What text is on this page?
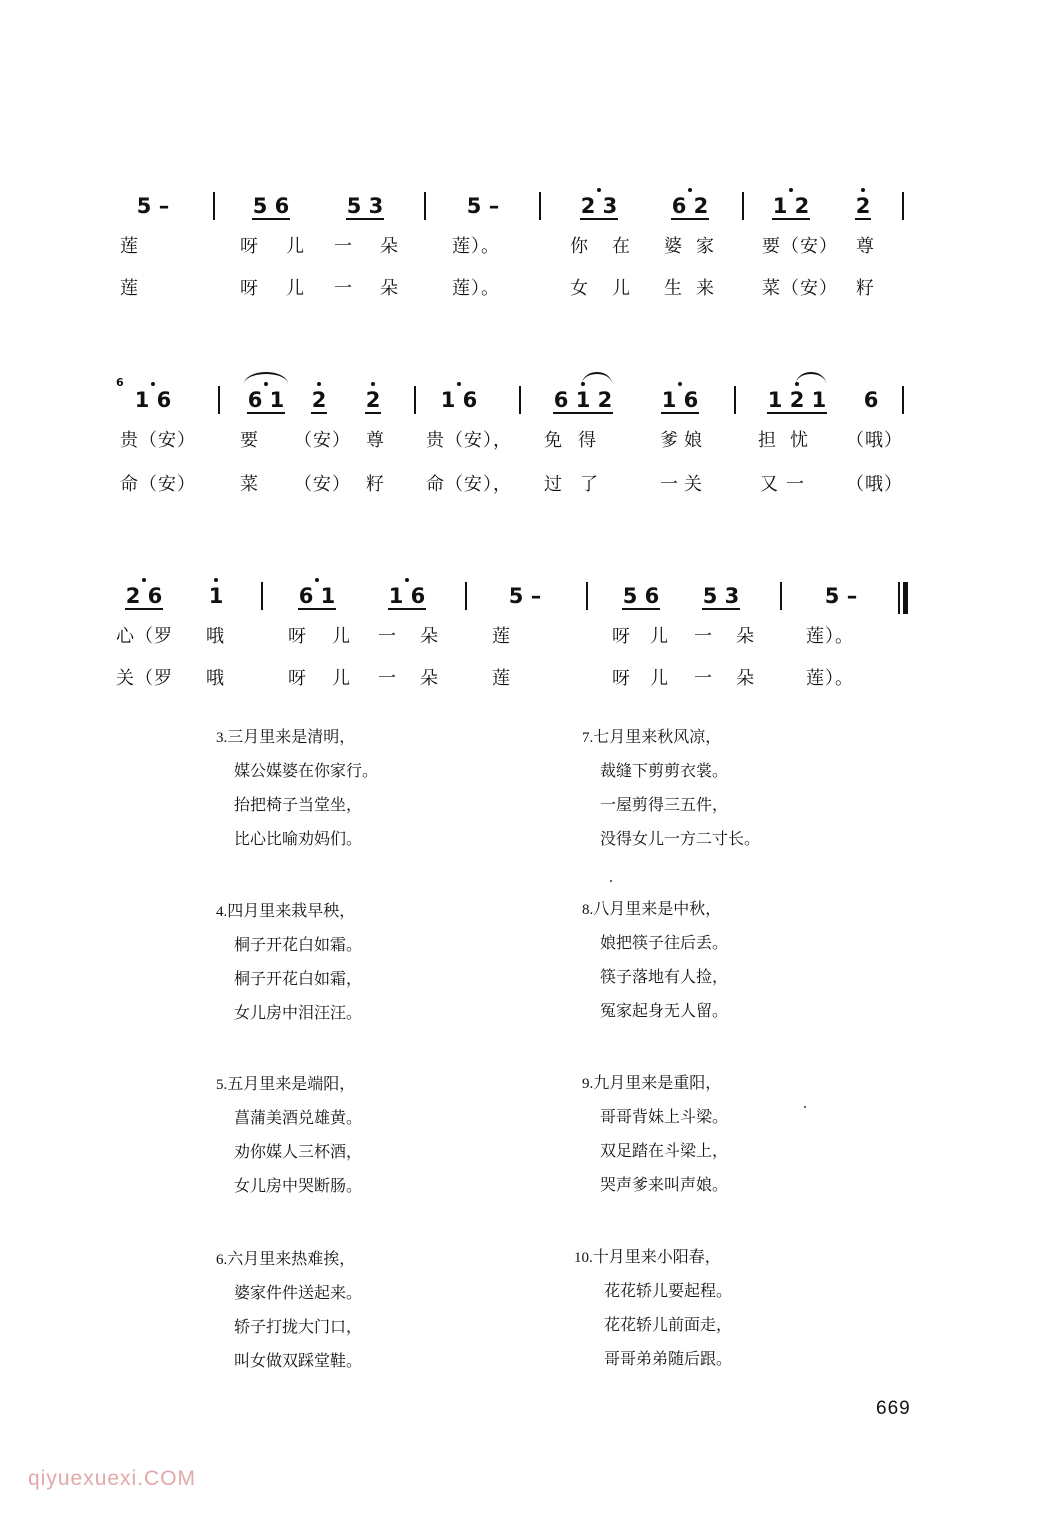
5 –	5 6	5 3	5 –	2 3	6 2	1 2	2
莲	呀 儿 一 朵	莲）。	你 在 婆 家	要（安） 尊
莲	呀 儿 一 朵	莲）。	女 儿 生 来	菜（安） 籽
6
1 6	6 1	2 2	1 6	6 1 2	1 6	1 2 1	6
贵（安） 要 （安） 尊 贵（安）， 免 得	爹 娘	担 忧 （哦）
命（安） 菜 （安） 籽 命（安）， 过 了	一 关	又 一 （哦）
2 6	1	6 1	1 6	5 –	5 6	5 3	5 –
心（罗 哦	呀 儿 一 朵	莲	呀 儿 一 朵	莲）。
关（罗 哦	呀 儿 一 朵	莲	呀 儿 一 朵	莲）。
3.三月里来是清明，
媒公媒婆在你家行。
抬把椅子当堂坐，
比心比喻劝妈们。
4.四月里来栽早秧，
桐子开花白如霜。
桐子开花白如霜，
女儿房中泪汪汪。
5.五月里来是端阳，
菖蒲美酒兑雄黄。
劝你媒人三杯酒，
女儿房中哭断肠。
6.六月里来热难挨，
婆家件件送起来。
轿子打拢大门口，
叫女做双踩堂鞋。
7.七月里来秋风凉，
裁缝下剪剪衣裳。
一屋剪得三五件，
没得女儿一方二寸长。
8.八月里来是中秋，
娘把筷子往后丢。
筷子落地有人捡，
冤家起身无人留。
9.九月里来是重阳，
哥哥背妹上斗梁。
双足踏在斗梁上，
哭声爹来叫声娘。
10.十月里来小阳春，
花花轿儿要起程。
花花轿儿前面走，
哥哥弟弟随后跟。
669
qiyuexuexi.COM
